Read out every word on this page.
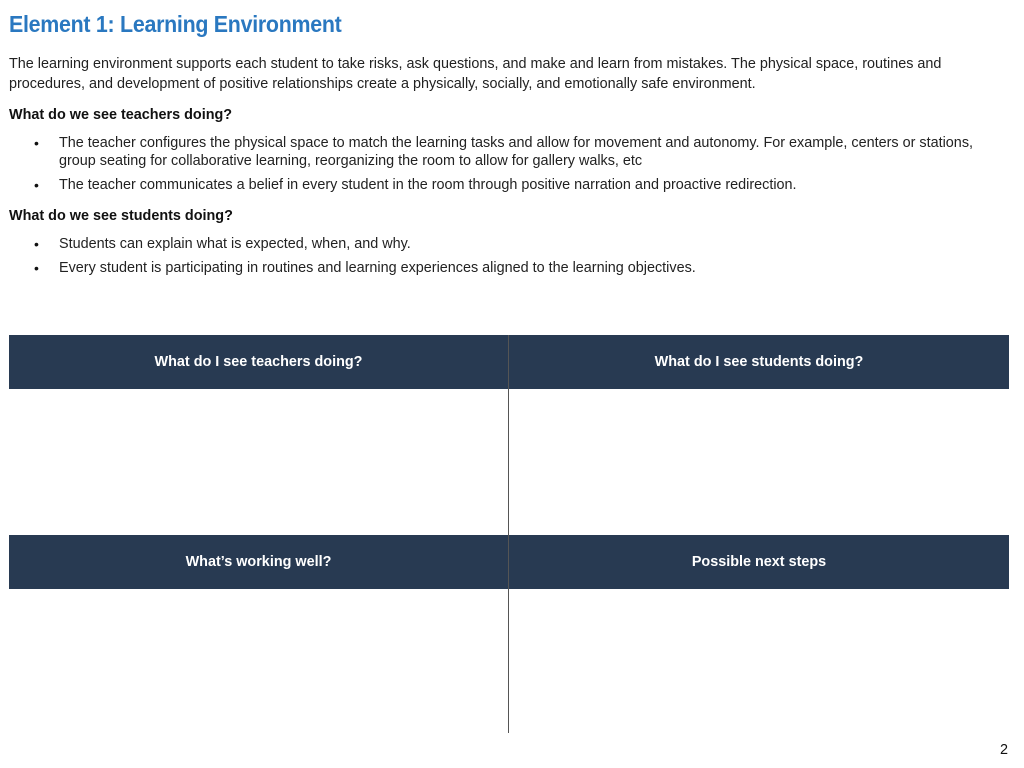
Element 1: Learning Environment

The learning environment supports each student to take risks, ask questions, and make and learn from mistakes. The physical space, routines and procedures, and development of positive relationships create a physically, socially, and emotionally safe environment.

What do we see teachers doing?
• The teacher configures the physical space to match the learning tasks and allow for movement and autonomy. For example, centers or stations, group seating for collaborative learning, reorganizing the room to allow for gallery walks, etc
• The teacher communicates a belief in every student in the room through positive narration and proactive redirection.
What do we see students doing?
• Students can explain what is expected, when, and why.
• Every student is participating in routines and learning experiences aligned to the learning objectives.
What do I see teachers doing?	What do I see students doing?
What’s working well?	Possible next steps
2
